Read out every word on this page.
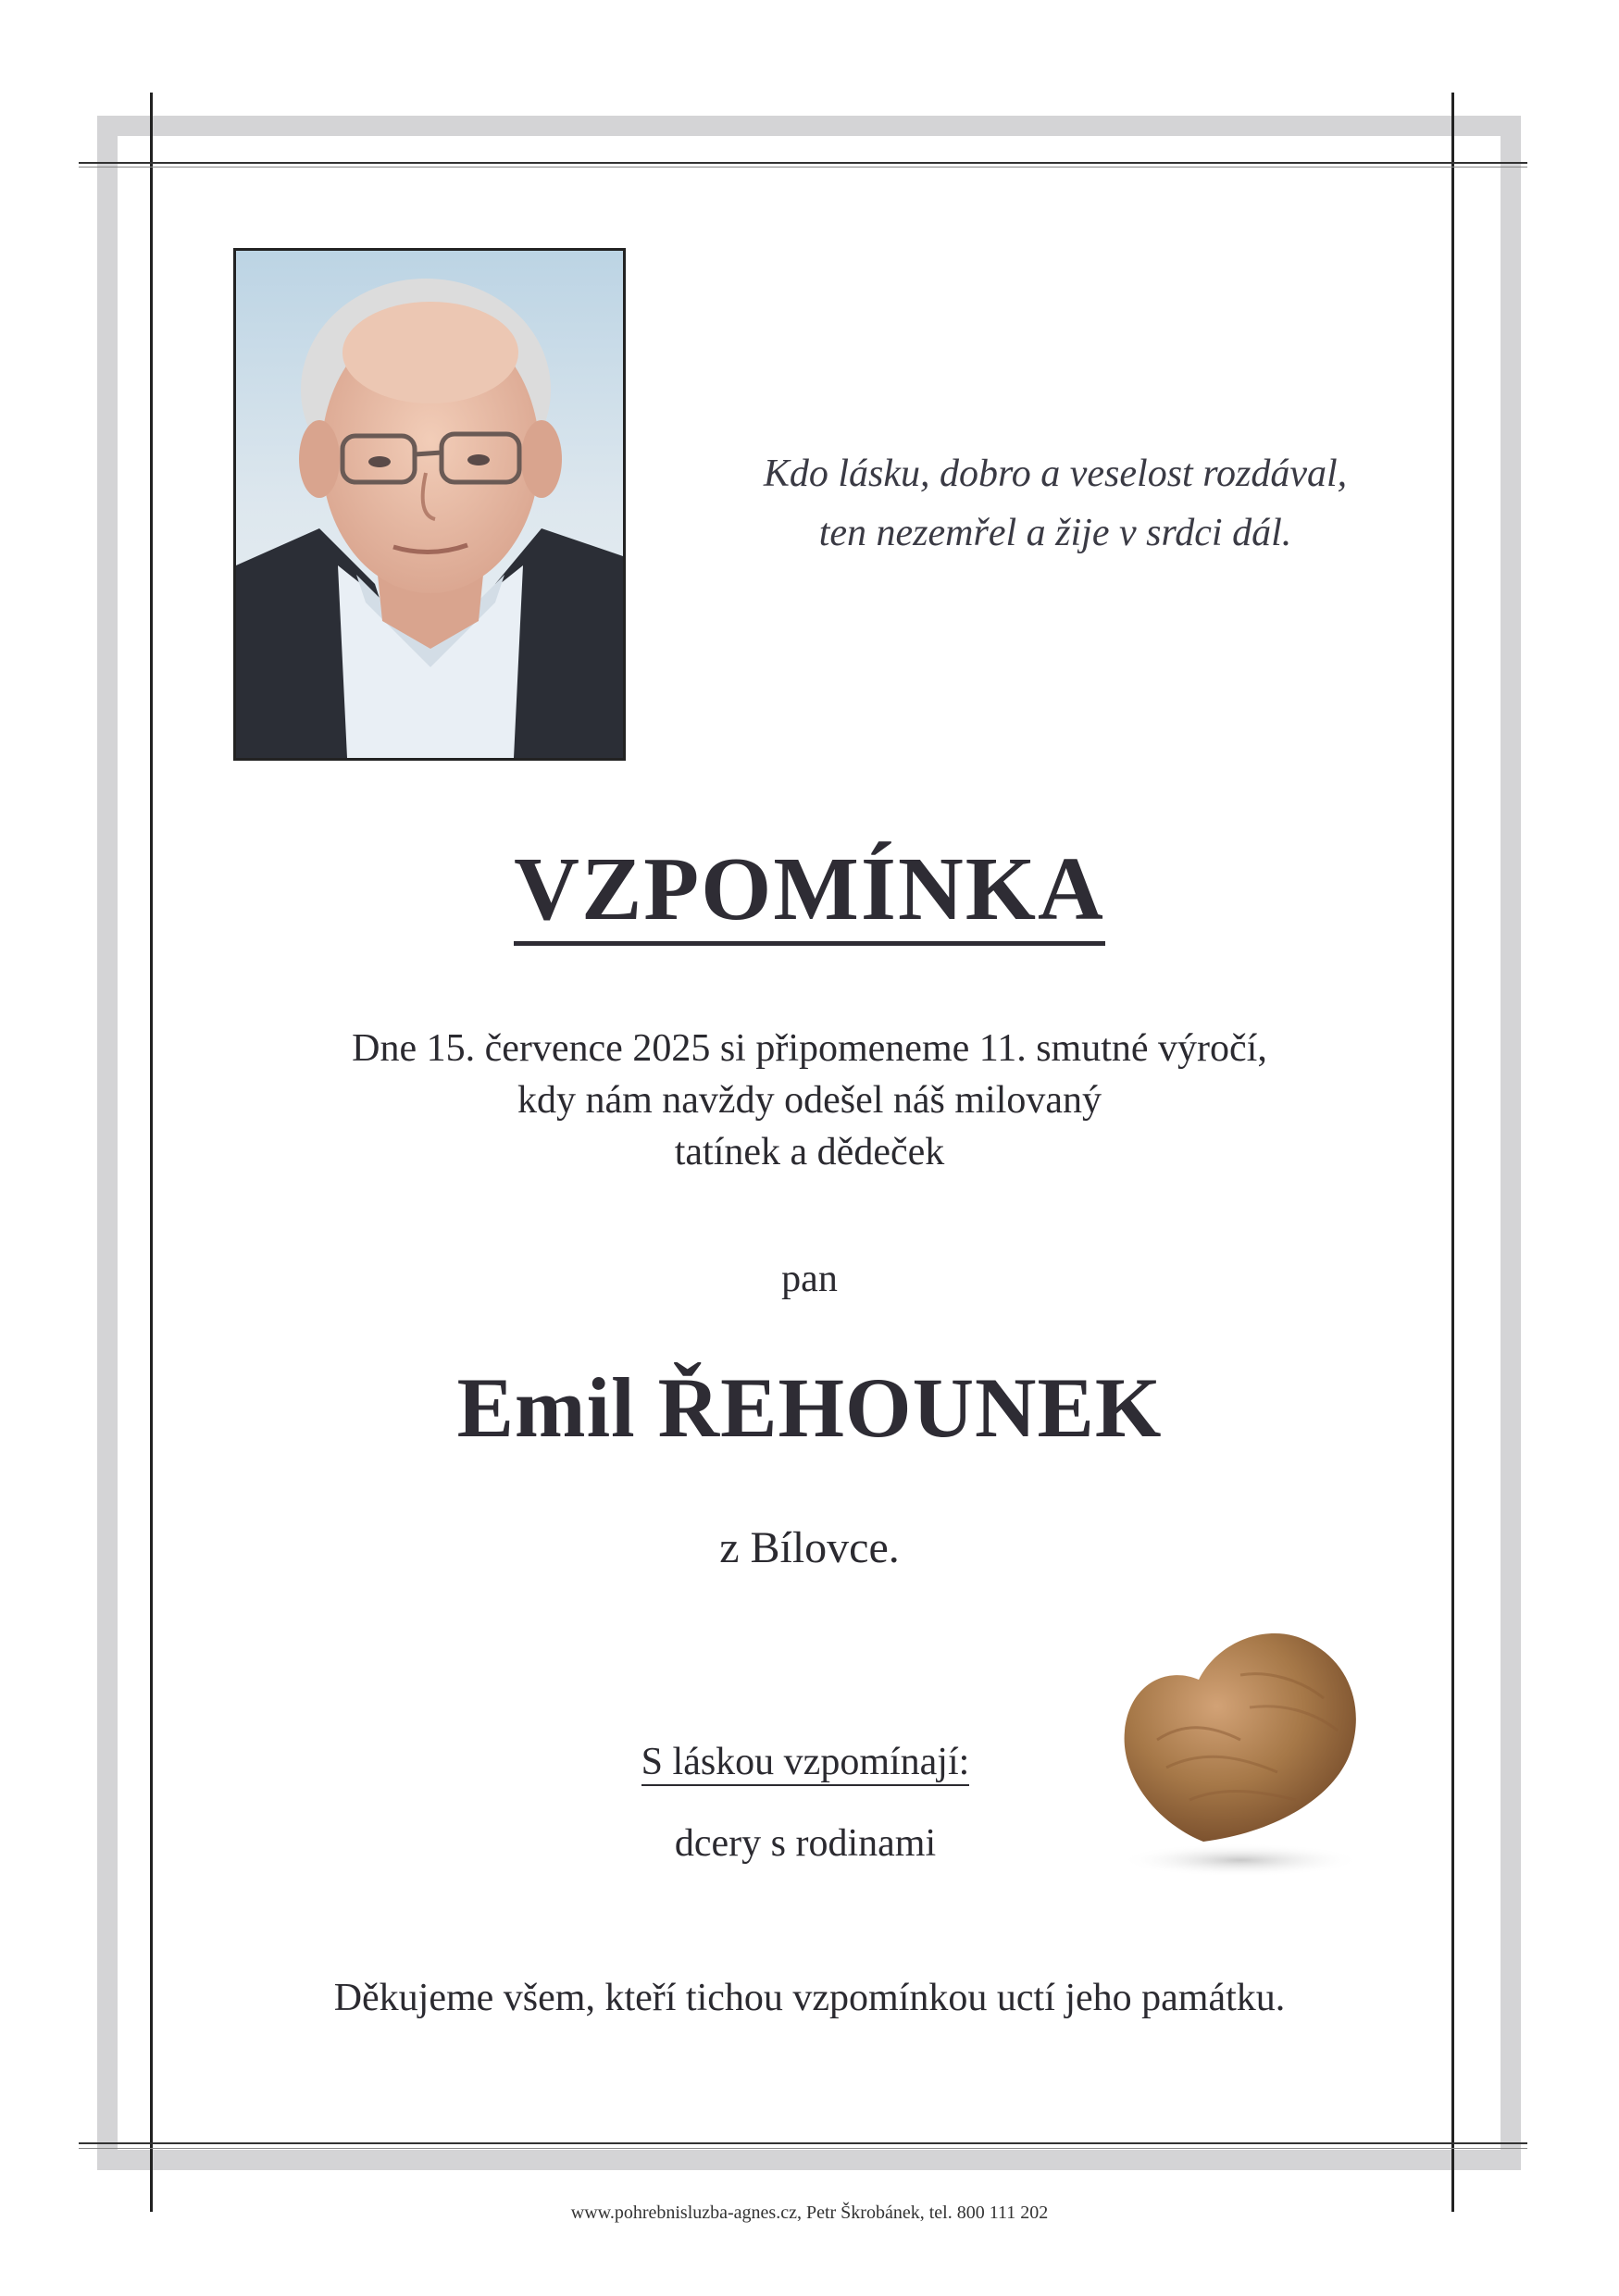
Kdo lásku, dobro a veselost rozdával,
ten nezemřel a žije v srdci dál.
VZPOMÍNKA
Dne 15. července 2025 si připomeneme 11. smutné výročí,
kdy nám navždy odešel náš milovaný
tatínek a dědeček
pan
Emil ŘEHOUNEK
z Bílovce.
S láskou vzpomínají:
dcery s rodinami
Děkujeme všem, kteří tichou vzpomínkou uctí jeho památku.
www.pohrebnisluzba-agnes.cz, Petr Škrobánek, tel. 800 111 202
